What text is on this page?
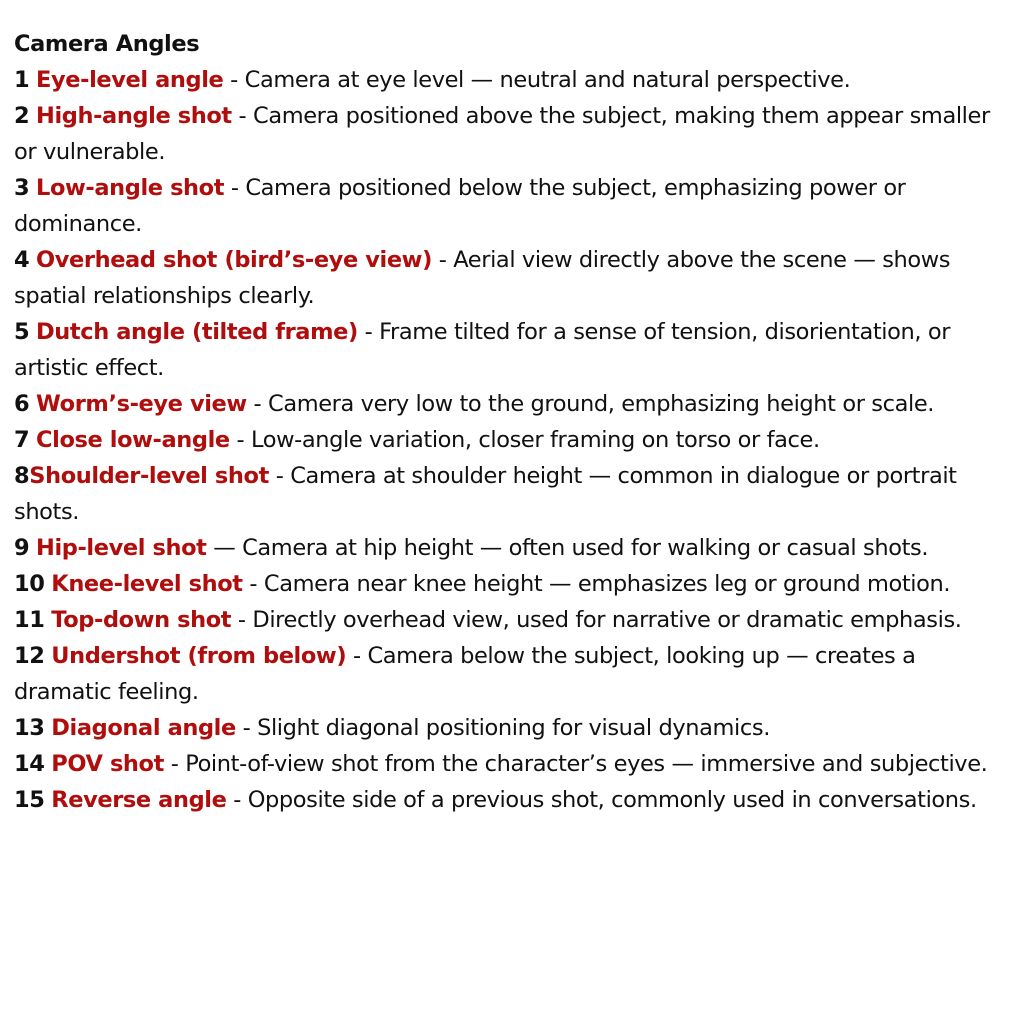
Camera Angles

1 Eye-level angle - Camera at eye level — neutral and natural perspective.

2 High-angle shot - Camera positioned above the subject, making them appear smaller or vulnerable.

3 Low-angle shot - Camera positioned below the subject, emphasizing power or dominance.

4 Overhead shot (bird’s-eye view) - Aerial view directly above the scene — shows spatial relationships clearly.

5 Dutch angle (tilted frame) - Frame tilted for a sense of tension, disorientation, or artistic effect.

6 Worm’s-eye view - Camera very low to the ground, emphasizing height or scale.

7 Close low-angle - Low-angle variation, closer framing on torso or face.

8Shoulder-level shot - Camera at shoulder height — common in dialogue or portrait shots.

9 Hip-level shot — Camera at hip height — often used for walking or casual shots.

10 Knee-level shot - Camera near knee height — emphasizes leg or ground motion.

11 Top-down shot - Directly overhead view, used for narrative or dramatic emphasis.

12 Undershot (from below) - Camera below the subject, looking up — creates a dramatic feeling.

13 Diagonal angle - Slight diagonal positioning for visual dynamics.

14 POV shot - Point-of-view shot from the character’s eyes — immersive and subjective.

15 Reverse angle - Opposite side of a previous shot, commonly used in conversations.
